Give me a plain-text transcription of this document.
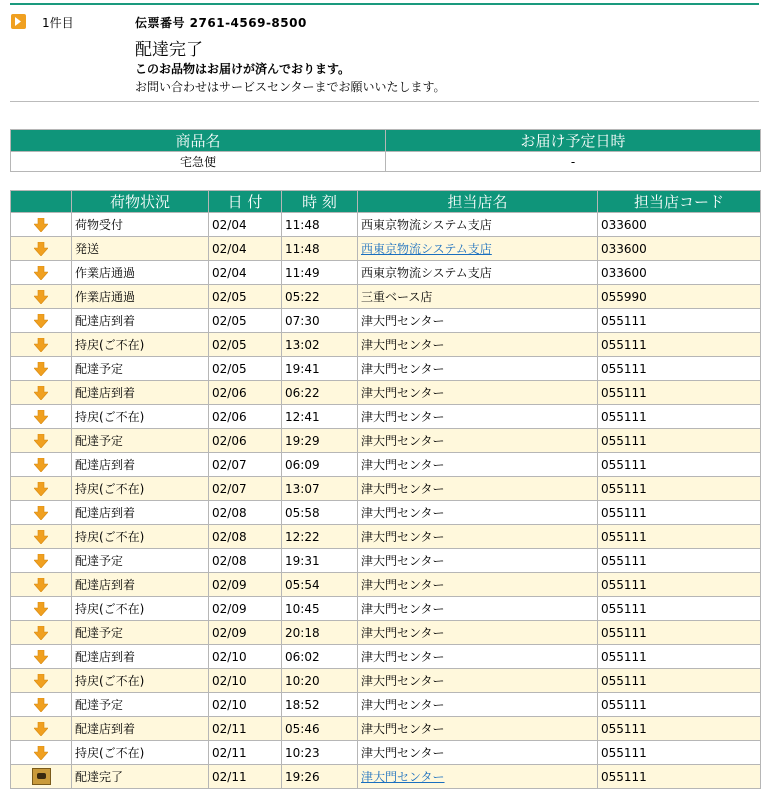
1件目	伝票番号 2761-4569-8500
配達完了
このお品物はお届けが済んでおります。
お問い合わせはサービスセンターまでお願いいたします。
商品名	お届け予定日時
宅急便	-
	荷物状況	日 付	時 刻	担当店名	担当店コード
	荷物受付	02/04	11:48	西東京物流システム支店	033600
	発送	02/04	11:48	西東京物流システム支店	033600
	作業店通過	02/04	11:49	西東京物流システム支店	033600
	作業店通過	02/05	05:22	三重ベース店	055990
	配達店到着	02/05	07:30	津大門センター	055111
	持戻(ご不在)	02/05	13:02	津大門センター	055111
	配達予定	02/05	19:41	津大門センター	055111
	配達店到着	02/06	06:22	津大門センター	055111
	持戻(ご不在)	02/06	12:41	津大門センター	055111
	配達予定	02/06	19:29	津大門センター	055111
	配達店到着	02/07	06:09	津大門センター	055111
	持戻(ご不在)	02/07	13:07	津大門センター	055111
	配達店到着	02/08	05:58	津大門センター	055111
	持戻(ご不在)	02/08	12:22	津大門センター	055111
	配達予定	02/08	19:31	津大門センター	055111
	配達店到着	02/09	05:54	津大門センター	055111
	持戻(ご不在)	02/09	10:45	津大門センター	055111
	配達予定	02/09	20:18	津大門センター	055111
	配達店到着	02/10	06:02	津大門センター	055111
	持戻(ご不在)	02/10	10:20	津大門センター	055111
	配達予定	02/10	18:52	津大門センター	055111
	配達店到着	02/11	05:46	津大門センター	055111
	持戻(ご不在)	02/11	10:23	津大門センター	055111
	配達完了	02/11	19:26	津大門センター	055111
